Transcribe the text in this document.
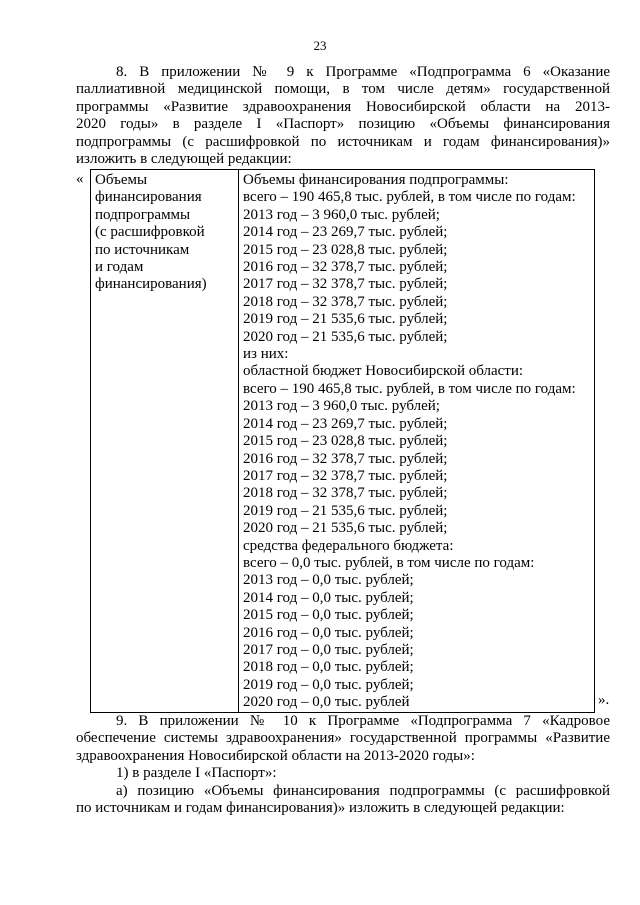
23
8. В приложении № 9 к Программе «Подпрограмма 6 «Оказание
паллиативной медицинской помощи, в том числе детям» государственной
программы «Развитие здравоохранения Новосибирской области на 2013-
2020 годы» в разделе I «Паспорт» позицию «Объемы финансирования
подпрограммы (с расшифровкой по источникам и годам финансирования)»
изложить в следующей редакции:
« Объемы
финансирования
подпрограммы
(с расшифровкой
по источникам
и годам
финансирования)

Объемы финансирования подпрограммы:
всего – 190 465,8 тыс. рублей, в том числе по годам:
2013 год – 3 960,0 тыс. рублей;
2014 год – 23 269,7 тыс. рублей;
2015 год – 23 028,8 тыс. рублей;
2016 год – 32 378,7 тыс. рублей;
2017 год – 32 378,7 тыс. рублей;
2018 год – 32 378,7 тыс. рублей;
2019 год – 21 535,6 тыс. рублей;
2020 год – 21 535,6 тыс. рублей;
из них:
областной бюджет Новосибирской области:
всего – 190 465,8 тыс. рублей, в том числе по годам:
2013 год – 3 960,0 тыс. рублей;
2014 год – 23 269,7 тыс. рублей;
2015 год – 23 028,8 тыс. рублей;
2016 год – 32 378,7 тыс. рублей;
2017 год – 32 378,7 тыс. рублей;
2018 год – 32 378,7 тыс. рублей;
2019 год – 21 535,6 тыс. рублей;
2020 год – 21 535,6 тыс. рублей;
средства федерального бюджета:
всего – 0,0 тыс. рублей, в том числе по годам:
2013 год – 0,0 тыс. рублей;
2014 год – 0,0 тыс. рублей;
2015 год – 0,0 тыс. рублей;
2016 год – 0,0 тыс. рублей;
2017 год – 0,0 тыс. рублей;
2018 год – 0,0 тыс. рублей;
2019 год – 0,0 тыс. рублей;
2020 год – 0,0 тыс. рублей	».
9. В приложении № 10 к Программе «Подпрограмма 7 «Кадровое
обеспечение системы здравоохранения» государственной программы «Развитие
здравоохранения Новосибирской области на 2013-2020 годы»:
1) в разделе I «Паспорт»:
а) позицию «Объемы финансирования подпрограммы (с расшифровкой
по источникам и годам финансирования)» изложить в следующей редакции:
